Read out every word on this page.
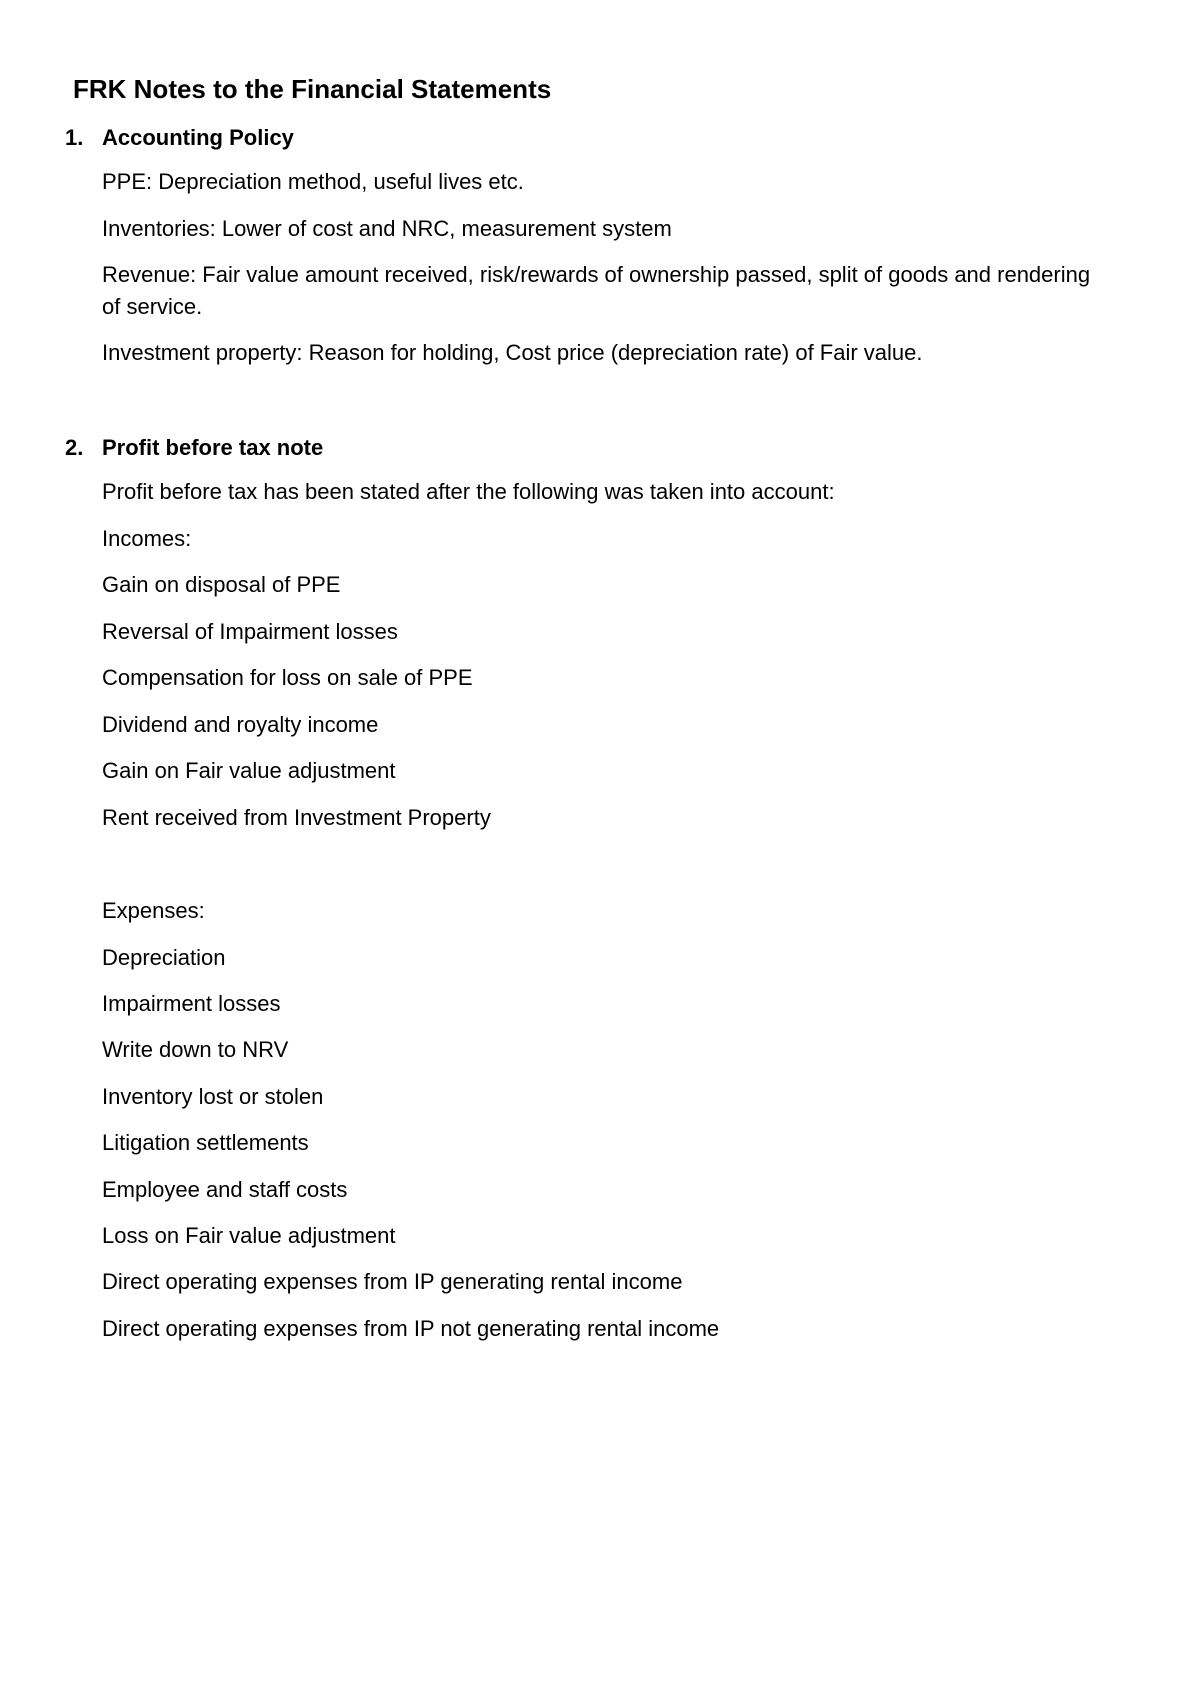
FRK Notes to the Financial Statements
1. Accounting Policy

PPE: Depreciation method, useful lives etc.

Inventories: Lower of cost and NRC, measurement system

Revenue: Fair value amount received, risk/rewards of ownership passed, split of goods and rendering of service.

Investment property: Reason for holding, Cost price (depreciation rate) of Fair value.

2. Profit before tax note

Profit before tax has been stated after the following was taken into account:

Incomes:

Gain on disposal of PPE

Reversal of Impairment losses

Compensation for loss on sale of PPE

Dividend and royalty income

Gain on Fair value adjustment

Rent received from Investment Property

Expenses:

Depreciation

Impairment losses

Write down to NRV

Inventory lost or stolen

Litigation settlements

Employee and staff costs

Loss on Fair value adjustment

Direct operating expenses from IP generating rental income

Direct operating expenses from IP not generating rental income
